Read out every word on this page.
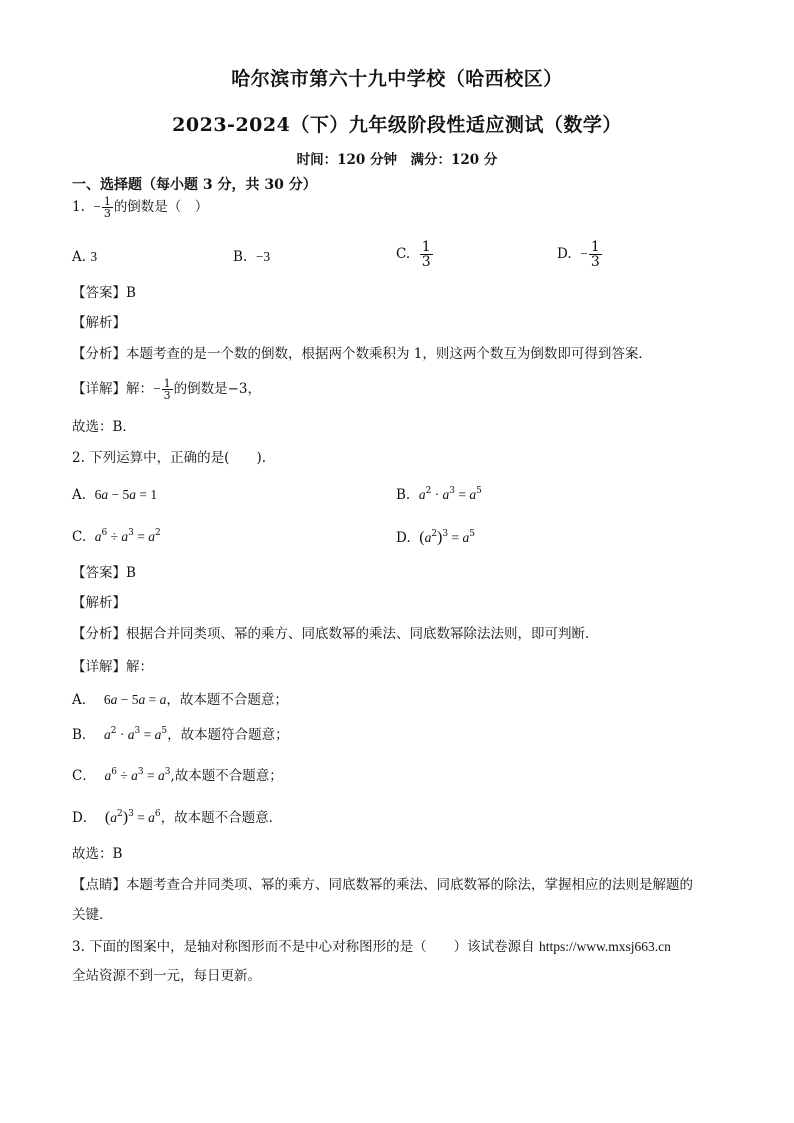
哈尔滨市第六十九中学校（哈西校区）
2023-2024（下）九年级阶段性适应测试（数学）
时间：120 分钟　满分：120 分
一、选择题（每小题 3 分，共 30 分）
1. − $\frac{1}{3}$ 的倒数是（　）
A. 3	B. −3	C. $\frac{1}{3}$	D. − $\frac{1}{3}$
【答案】B
【解析】
【分析】本题考查的是一个数的倒数，根据两个数乘积为 1，则这两个数互为倒数即可得到答案．
【详解】解：− $\frac{1}{3}$ 的倒数是−3，
故选：B．
2. 下列运算中，正确的是(　　).
A. 6a − 5a = 1	B. $a^2 \cdot a^3 = a^5$
C. $a^6 \div a^3 = a^2$	D. $(a^2)^3 = a^5$
【答案】B
【解析】
【分析】根据合并同类项、幂的乘方、同底数幂的乘法、同底数幂除法法则，即可判断．
【详解】解：
A． 6a − 5a = a，故本题不合题意；
B． $a^2 \cdot a^3 = a^5$，故本题符合题意；
C． $a^6 \div a^3 = a^3$,故本题不合题意；
D． $(a^2)^3 = a^6$，故本题不合题意．
故选：B
【点睛】本题考查合并同类项、幂的乘方、同底数幂的乘法、同底数幂的除法，掌握相应的法则是解题的
关键．
3. 下面的图案中，是轴对称图形而不是中心对称图形的是（　　）该试卷源自 https://www.mxsj663.cn
全站资源不到一元，每日更新。
